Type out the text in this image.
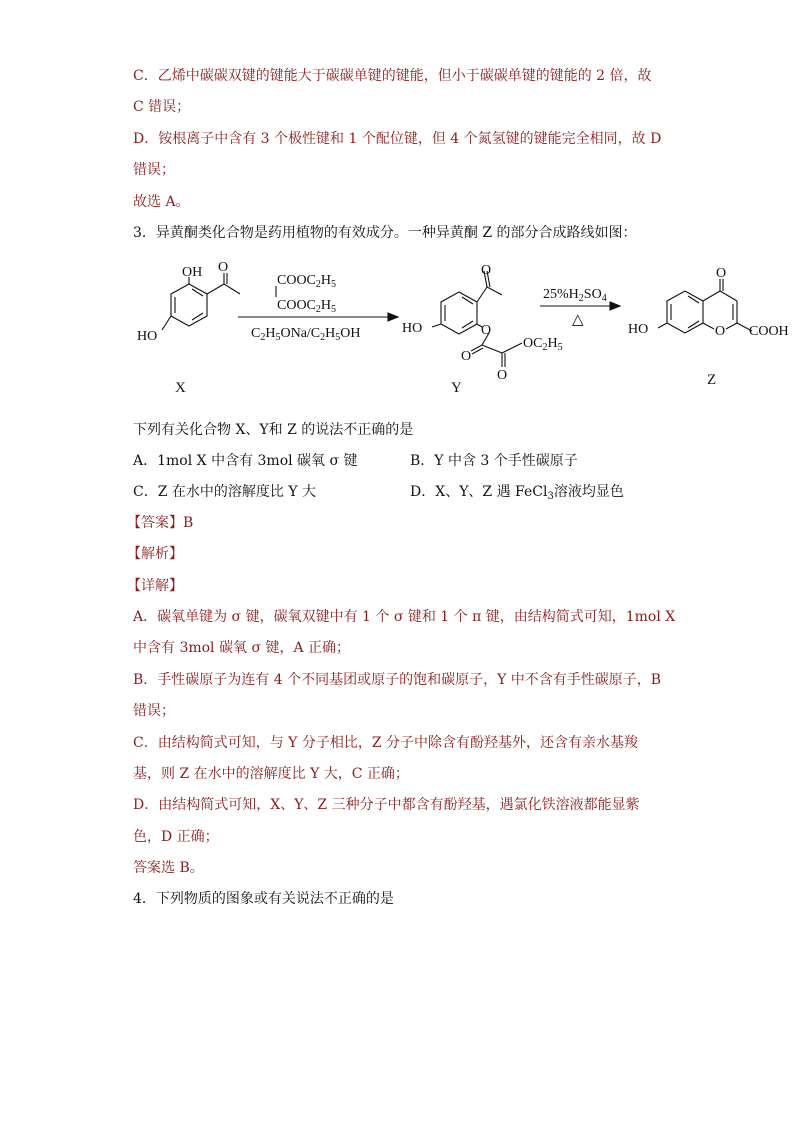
C．乙烯中碳碳双键的键能大于碳碳单键的键能，但小于碳碳单键的键能的 2 倍，故
C 错误；
D．铵根离子中含有 3 个极性键和 1 个配位键，但 4 个氮氢键的键能完全相同，故 D
错误；
故选 A。
3．异黄酮类化合物是药用植物的有效成分。一种异黄酮 Z 的部分合成路线如图：
OH O
HO
X
$COOC_2H_5$
$COOC_2H_5$
$C_2H_5ONa/C_2H_5OH$
O
HO	O
O
O
$OC_2H_5$
Y
$25\%H_2SO_4$
△
O
HO	O COOH
Z
下列有关化合物 X、Y和 Z 的说法不正确的是
A．1mol X 中含有 3mol 碳氧 σ 键	B．Y 中含 3 个手性碳原子
C．Z 在水中的溶解度比 Y 大	D．X、Y、Z 遇 FeCl$_3$溶液均显色
【答案】B
【解析】
【详解】
A．碳氧单键为 σ 键，碳氧双键中有 1 个 σ 键和 1 个 π 键，由结构简式可知，1mol X
中含有 3mol 碳氧 σ 键，A 正确；
B．手性碳原子为连有 4 个不同基团或原子的饱和碳原子，Y 中不含有手性碳原子，B
错误；
C．由结构简式可知，与 Y 分子相比，Z 分子中除含有酚羟基外，还含有亲水基羧
基，则 Z 在水中的溶解度比 Y 大，C 正确；
D．由结构简式可知，X、Y、Z 三种分子中都含有酚羟基，遇氯化铁溶液都能显紫
色，D 正确；
答案选 B。
4．下列物质的图象或有关说法不正确的是
